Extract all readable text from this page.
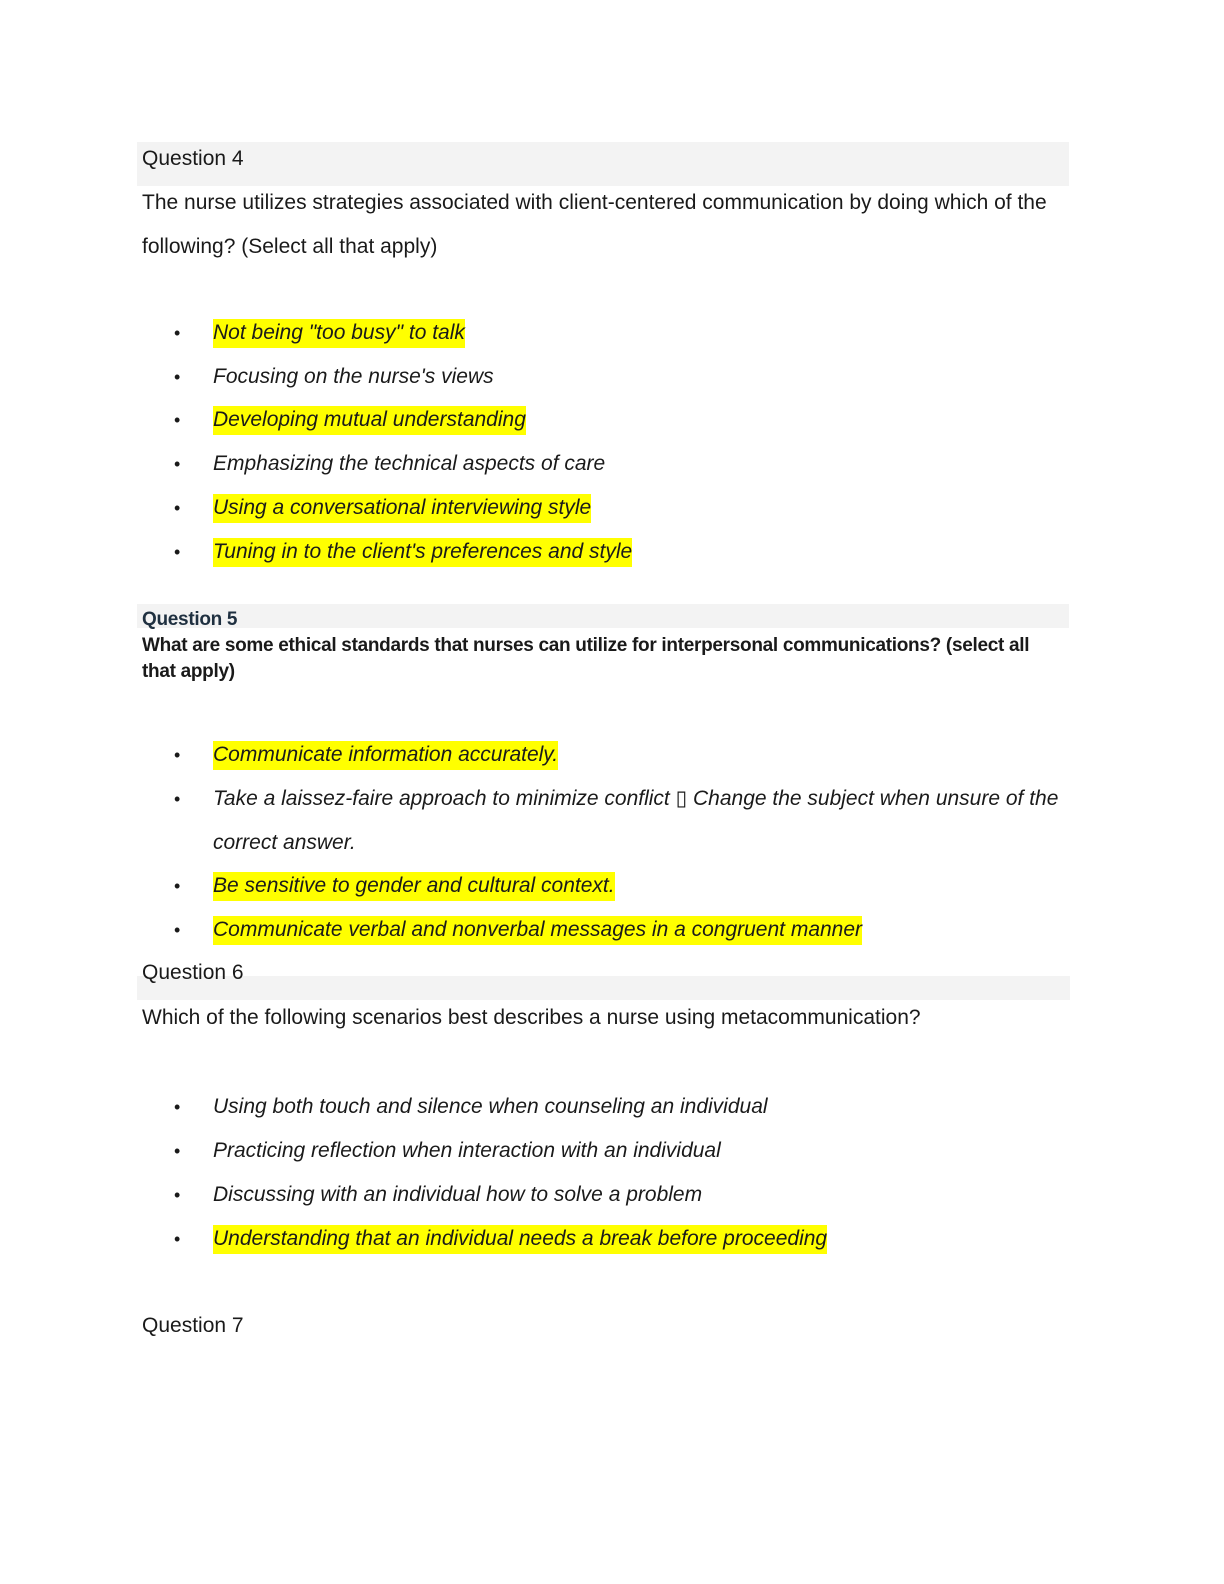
Question 4
The nurse utilizes strategies associated with client-centered communication by doing which of the following? (Select all that apply)
• Not being "too busy" to talk
• Focusing on the nurse's views
• Developing mutual understanding
• Emphasizing the technical aspects of care
• Using a conversational interviewing style
• Tuning in to the client's preferences and style
Question 5
What are some ethical standards that nurses can utilize for interpersonal communications? (select all that apply)
• Communicate information accurately.
• Take a laissez-faire approach to minimize conflict ▯ Change the subject when unsure of the correct answer.
• Be sensitive to gender and cultural context.
• Communicate verbal and nonverbal messages in a congruent manner
Question 6
Which of the following scenarios best describes a nurse using metacommunication?
• Using both touch and silence when counseling an individual
• Practicing reflection when interaction with an individual
• Discussing with an individual how to solve a problem
• Understanding that an individual needs a break before proceeding
Question 7
